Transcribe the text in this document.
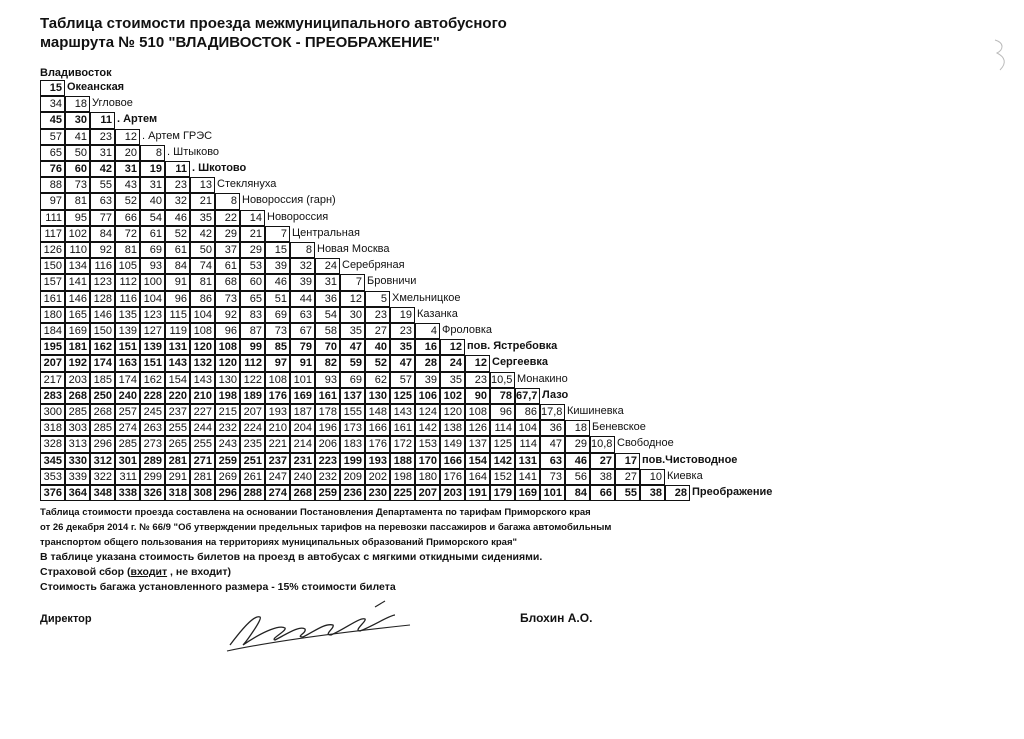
Таблица стоимости проезда межмуниципального автобусного
маршрута № 510 "ВЛАДИВОСТОК - ПРЕОБРАЖЕНИЕ"
Владивосток
15 Океанская
34	18 Угловое
45	30	11 . Артем
57	41	23	12 . Артем ГРЭС
65	50	31	20	8 . Штыково
76	60	42	31	19	11 . Шкотово
88	73	55	43	31	23	13 Стеклянуха
97	81	63	52	40	32	21	8 Новороссия (гарн)
111	95	77	66	54	46	35	22	14 Новороссия
117 102	84	72	61	52	42	29	21	7 Центральная
126 110	92	81	69	61	50	37	29	15	8 Новая Москва
150 134 116 105	93	84	74	61	53	39	32	24 Серебряная
157 141 123 112 100	91	81	68	60	46	39	31	7 Бровничи
161 146 128 116 104	96	86	73	65	51	44	36	12	5 Хмельницкое
180 165 146 135 123 115 104	92	83	69	63	54	30	23	19 Казанка
184 169 150 139 127 119 108	96	87	73	67	58	35	27	23	4 Фроловка
195 181 162 151 139 131 120 108	99	85	79	70	47	40	35	16	12 пов. Ястребовка
207 192 174 163 151 143 132 120 112	97	91	82	59	52	47	28	24	12 Сергеевка
217 203 185 174 162 154 143 130 122 108 101	93	69	62	57	39	35	23 10,5 Монакино
283 268 250 240 228 220 210 198 189 176 169 161 137 130 125 106 102	90	78 67,7 Лазо
300 285 268 257 245 237 227 215 207 193 187 178 155 148 143 124 120 108	96	86 17,8 Кишиневка
318 303 285 274 263 255 244 232 224 210 204 196 173 166 161 142 138 126 114 104	36	18 Беневское
328 313 296 285 273 265 255 243 235 221 214 206 183 176 172 153 149 137 125 114	47	29 10,8 Свободное
345 330 312 301 289 281 271 259 251 237 231 223 199 193 188 170 166 154 142 131	63	46	27	17 пов.Чистоводное
353 339 322 311 299 291 281 269 261 247 240 232 209 202 198 180 176 164 152 141	73	56	38	27	10 Киевка
376 364 348 338 326 318 308 296 288 274 268 259 236 230 225 207 203 191 179 169 101	84	66	55	38	28 Преображение
Таблица стоимости проезда составлена на основании Постановления Департамента по тарифам Приморского края
от 26 декабря 2014 г. № 66/9 "Об утверждении предельных тарифов на перевозки пассажиров и багажа автомобильным
транспортом общего пользования на территориях муниципальных образований Приморского края"
В таблице указана стоимость билетов на проезд в автобусах с мягкими откидными сидениями.
Страховой сбор (входит , не входит)
Стоимость багажа установленного размера - 15% стоимости билета
Директор	Блохин А.О.
